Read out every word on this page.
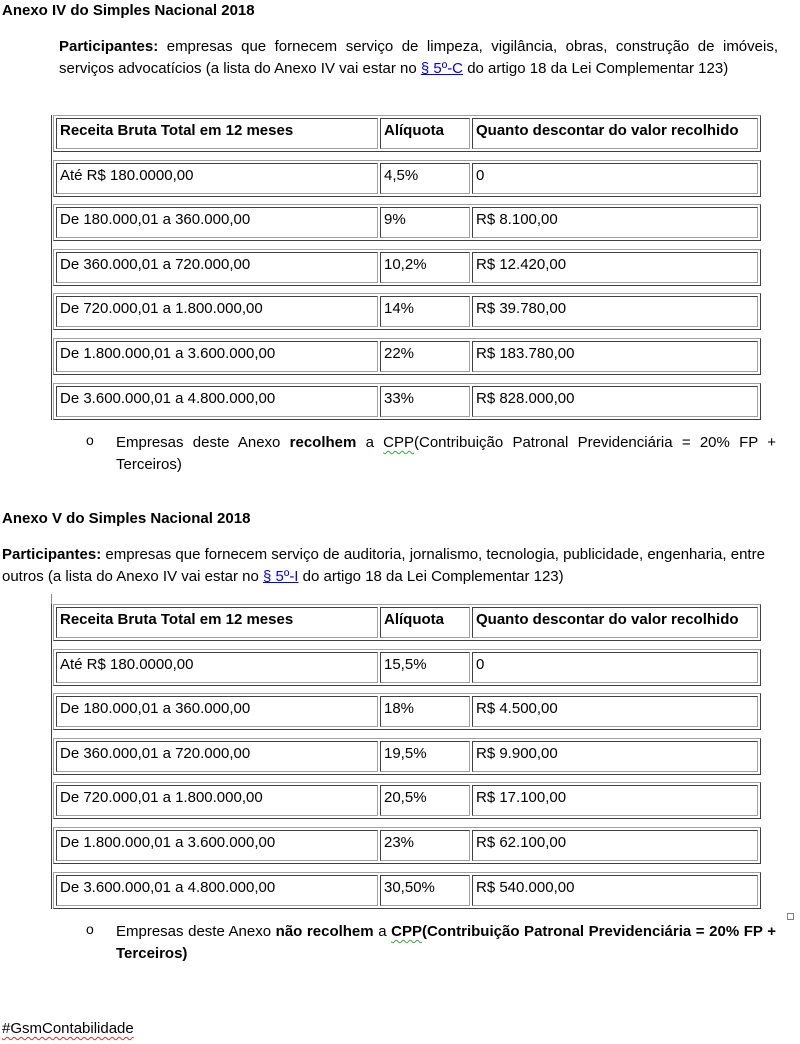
Anexo IV do Simples Nacional 2018
Participantes: empresas que fornecem serviço de limpeza, vigilância, obras, construção de imóveis, serviços advocatícios (a lista do Anexo IV vai estar no § 5º-C do artigo 18 da Lei Complementar 123)
Receita Bruta Total em 12 meses	Alíquota	Quanto descontar do valor recolhido
Até R$ 180.0000,00	4,5%	0
De 180.000,01 a 360.000,00	9%	R$ 8.100,00
De 360.000,01 a 720.000,00	10,2%	R$ 12.420,00
De 720.000,01 a 1.800.000,00	14%	R$ 39.780,00
De 1.800.000,01 a 3.600.000,00	22%	R$ 183.780,00
De 3.600.000,01 a 4.800.000,00	33%	R$ 828.000,00
o Empresas deste Anexo recolhem a CPP(Contribuição Patronal Previdenciária = 20% FP + Terceiros)
Anexo V do Simples Nacional 2018
Participantes: empresas que fornecem serviço de auditoria, jornalismo, tecnologia, publicidade, engenharia, entre outros (a lista do Anexo IV vai estar no § 5º-I do artigo 18 da Lei Complementar 123)
Receita Bruta Total em 12 meses	Alíquota	Quanto descontar do valor recolhido
Até R$ 180.0000,00	15,5%	0
De 180.000,01 a 360.000,00	18%	R$ 4.500,00
De 360.000,01 a 720.000,00	19,5%	R$ 9.900,00
De 720.000,01 a 1.800.000,00	20,5%	R$ 17.100,00
De 1.800.000,01 a 3.600.000,00	23%	R$ 62.100,00
De 3.600.000,01 a 4.800.000,00	30,50%	R$ 540.000,00
o Empresas deste Anexo não recolhem a CPP(Contribuição Patronal Previdenciária = 20% FP + Terceiros)
#GsmContabilidade
